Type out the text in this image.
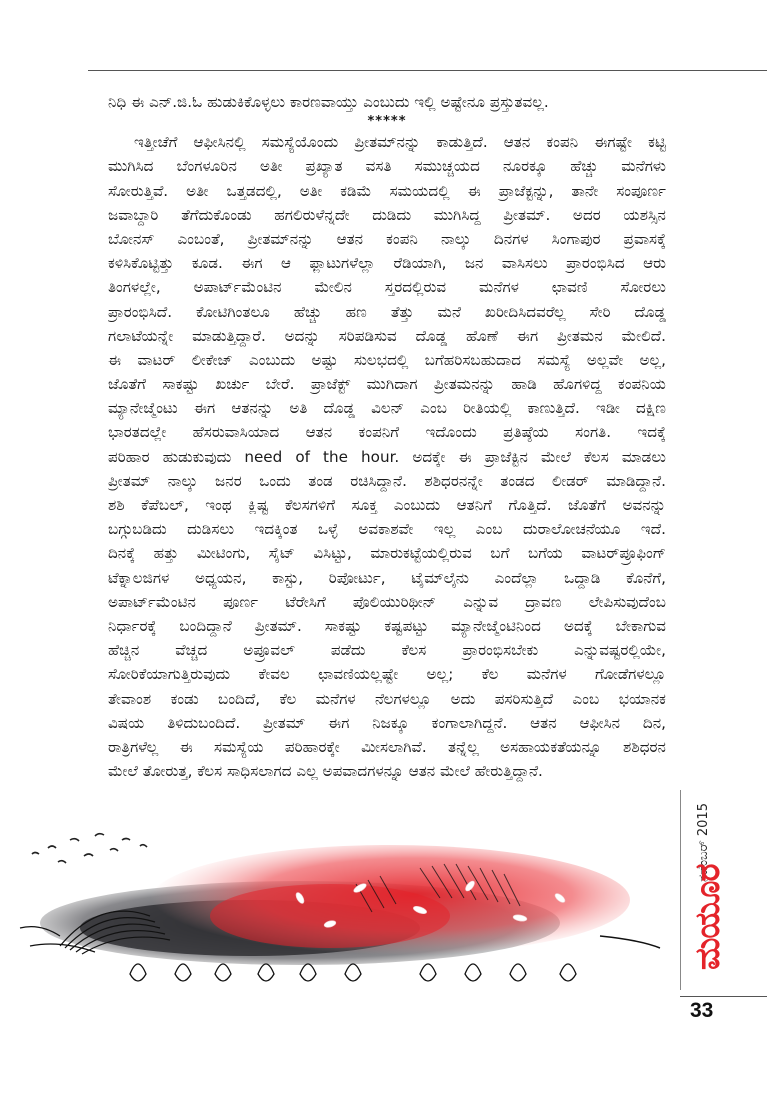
ನಿಧಿ ಈ ಎನ್.ಜಿ.ಓ ಹುಡುಕಿಕೊಳ್ಳಲು ಕಾರಣವಾಯ್ತು ಎಂಬುದು ಇಲ್ಲಿ ಅಷ್ಟೇನೂ ಪ್ರಸ್ತುತವಲ್ಲ.
*****
ಇತ್ತೀಚೆಗೆ ಆಫೀಸಿನಲ್ಲಿ ಸಮಸ್ಯೆಯೊಂದು ಪ್ರೀತಮ್‌ನನ್ನು ಕಾಡುತ್ತಿದೆ. ಆತನ ಕಂಪನಿ ಈಗಷ್ಟೇ ಕಟ್ಟಿ
ಮುಗಿಸಿದ ಬೆಂಗಳೂರಿನ ಅತೀ ಪ್ರಖ್ಯಾತ ವಸತಿ ಸಮುಚ್ಚಯದ ನೂರಕ್ಕೂ ಹೆಚ್ಚು ಮನೆಗಳು
ಸೋರುತ್ತಿವೆ. ಅತೀ ಒತ್ತಡದಲ್ಲಿ, ಅತೀ ಕಡಿಮೆ ಸಮಯದಲ್ಲಿ ಈ ಪ್ರಾಜೆಕ್ಟನ್ನು, ತಾನೇ ಸಂಪೂರ್ಣ
ಜವಾಬ್ದಾರಿ ತೆಗೆದುಕೊಂಡು ಹಗಲಿರುಳೆನ್ನದೇ ದುಡಿದು ಮುಗಿಸಿದ್ದ ಪ್ರೀತಮ್. ಅದರ ಯಶಸ್ಸಿನ
ಬೋನಸ್ ಎಂಬಂತೆ, ಪ್ರೀತಮ್‌ನನ್ನು ಆತನ ಕಂಪನಿ ನಾಲ್ಕು ದಿನಗಳ ಸಿಂಗಾಪುರ ಪ್ರವಾಸಕ್ಕೆ
ಕಳಿಸಿಕೊಟ್ಟಿತ್ತು ಕೂಡ. ಈಗ ಆ ಫ್ಲಾಟುಗಳೆಲ್ಲಾ ರೆಡಿಯಾಗಿ, ಜನ ವಾಸಿಸಲು ಪ್ರಾರಂಭಿಸಿದ ಆರು
ತಿಂಗಳಲ್ಲೇ, ಅಪಾರ್ಟ್‌ಮೆಂಟಿನ ಮೇಲಿನ ಸ್ತರದಲ್ಲಿರುವ ಮನೆಗಳ ಛಾವಣಿ ಸೋರಲು
ಪ್ರಾರಂಭಿಸಿದೆ. ಕೋಟಿಗಿಂತಲೂ ಹೆಚ್ಚು ಹಣ ತೆತ್ತು ಮನೆ ಖರೀದಿಸಿದವರೆಲ್ಲ ಸೇರಿ ದೊಡ್ಡ
ಗಲಾಟೆಯನ್ನೇ ಮಾಡುತ್ತಿದ್ದಾರೆ. ಅದನ್ನು ಸರಿಪಡಿಸುವ ದೊಡ್ಡ ಹೊಣೆ ಈಗ ಪ್ರೀತಮನ ಮೇಲಿದೆ.
ಈ ವಾಟರ್ ಲೀಕೇಜ್ ಎಂಬುದು ಅಷ್ಟು ಸುಲಭದಲ್ಲಿ ಬಗೆಹರಿಸಬಹುದಾದ ಸಮಸ್ಯೆ ಅಲ್ಲವೇ ಅಲ್ಲ,
ಜೊತೆಗೆ ಸಾಕಷ್ಟು ಖರ್ಚು ಬೇರೆ. ಪ್ರಾಜೆಕ್ಟ್ ಮುಗಿದಾಗ ಪ್ರೀತಮನನ್ನು ಹಾಡಿ ಹೊಗಳಿದ್ದ ಕಂಪನಿಯ
ಮ್ಯಾನೇಜ್ಮೆಂಟು ಈಗ ಆತನನ್ನು ಅತಿ ದೊಡ್ಡ ವಿಲನ್ ಎಂಬ ರೀತಿಯಲ್ಲಿ ಕಾಣುತ್ತಿದೆ. ಇಡೀ ದಕ್ಷಿಣ
ಭಾರತದಲ್ಲೇ ಹೆಸರುವಾಸಿಯಾದ ಆತನ ಕಂಪನಿಗೆ ಇದೊಂದು ಪ್ರತಿಷ್ಠೆಯ ಸಂಗತಿ. ಇದಕ್ಕೆ
ಪರಿಹಾರ ಹುಡುಕುವುದು need of the hour. ಅದಕ್ಕೇ ಈ ಪ್ರಾಜೆಕ್ಟಿನ ಮೇಲೆ ಕೆಲಸ ಮಾಡಲು
ಪ್ರೀತಮ್ ನಾಲ್ಕು ಜನರ ಒಂದು ತಂಡ ರಚಿಸಿದ್ದಾನೆ. ಶಶಿಧರನನ್ನೇ ತಂಡದ ಲೀಡರ್ ಮಾಡಿದ್ದಾನೆ.
ಶಶಿ ಕೆಪೆಬಲ್, ಇಂಥ ಕ್ಲಿಷ್ಟ ಕೆಲಸಗಳಿಗೆ ಸೂಕ್ತ ಎಂಬುದು ಆತನಿಗೆ ಗೊತ್ತಿದೆ. ಜೊತೆಗೆ ಅವನನ್ನು
ಬಗ್ಗುಬಡಿದು ದುಡಿಸಲು ಇದಕ್ಕಿಂತ ಒಳ್ಳೆ ಅವಕಾಶವೇ ಇಲ್ಲ ಎಂಬ ದುರಾಲೋಚನೆಯೂ ಇದೆ.
ದಿನಕ್ಕೆ ಹತ್ತು ಮೀಟಿಂಗು, ಸೈಟ್ ವಿಸಿಟ್ಟು, ಮಾರುಕಟ್ಟೆಯಲ್ಲಿರುವ ಬಗೆ ಬಗೆಯ ವಾಟರ್‌ಪ್ರೂಫಿಂಗ್
ಟೆಕ್ನಾಲಜಿಗಳ ಅಧ್ಯಯನ, ಕಾಸ್ಟು, ರಿಪೋರ್ಟು, ಟೈಮ್‌ಲೈನು ಎಂದೆಲ್ಲಾ ಒದ್ದಾಡಿ ಕೊನೆಗೆ,
ಅಪಾರ್ಟ್‌ಮೆಂಟಿನ ಪೂರ್ಣ ಟೆರೇಸಿಗೆ ಪೊಲಿಯುರಿಥೀನ್ ಎನ್ನುವ ದ್ರಾವಣ ಲೇಪಿಸುವುದೆಂಬ
ನಿರ್ಧಾರಕ್ಕೆ ಬಂದಿದ್ದಾನೆ ಪ್ರೀತಮ್. ಸಾಕಷ್ಟು ಕಷ್ಟಪಟ್ಟು ಮ್ಯಾನೇಜ್ಮೆಂಟಿನಿಂದ ಅದಕ್ಕೆ ಬೇಕಾಗುವ
ಹೆಚ್ಚಿನ ವೆಚ್ಚದ ಅಪ್ರೂವಲ್ ಪಡೆದು ಕೆಲಸ ಪ್ರಾರಂಭಿಸಬೇಕು ಎನ್ನುವಷ್ಟರಲ್ಲಿಯೇ,
ಸೋರಿಕೆಯಾಗುತ್ತಿರುವುದು ಕೇವಲ ಛಾವಣಿಯಲ್ಲಷ್ಟೇ ಅಲ್ಲ; ಕೆಲ ಮನೆಗಳ ಗೋಡೆಗಳಲ್ಲೂ
ತೇವಾಂಶ ಕಂಡು ಬಂದಿದೆ, ಕೆಲ ಮನೆಗಳ ನೆಲಗಳಲ್ಲೂ ಅದು ಪಸರಿಸುತ್ತಿದೆ ಎಂಬ ಭಯಾನಕ
ವಿಷಯ ತಿಳಿದುಬಂದಿದೆ. ಪ್ರೀತಮ್ ಈಗ ನಿಜಕ್ಕೂ ಕಂಗಾಲಾಗಿದ್ದನೆ. ಆತನ ಆಫೀಸಿನ ದಿನ,
ರಾತ್ರಿಗಳೆಲ್ಲ ಈ ಸಮಸ್ಯೆಯ ಪರಿಹಾರಕ್ಕೇ ಮೀಸಲಾಗಿವೆ. ತನ್ನೆಲ್ಲ ಅಸಹಾಯಕತೆಯನ್ನೂ ಶಶಿಧರನ
ಮೇಲೆ ತೋರುತ್ತ, ಕೆಲಸ ಸಾಧಿಸಲಾಗದ ಎಲ್ಲ ಅಪವಾದಗಳನ್ನೂ ಆತನ ಮೇಲೆ ಹೇರುತ್ತಿದ್ದಾನೆ.
ನವೆಂಬರ್ 2015
ಮಯೂರ
33
